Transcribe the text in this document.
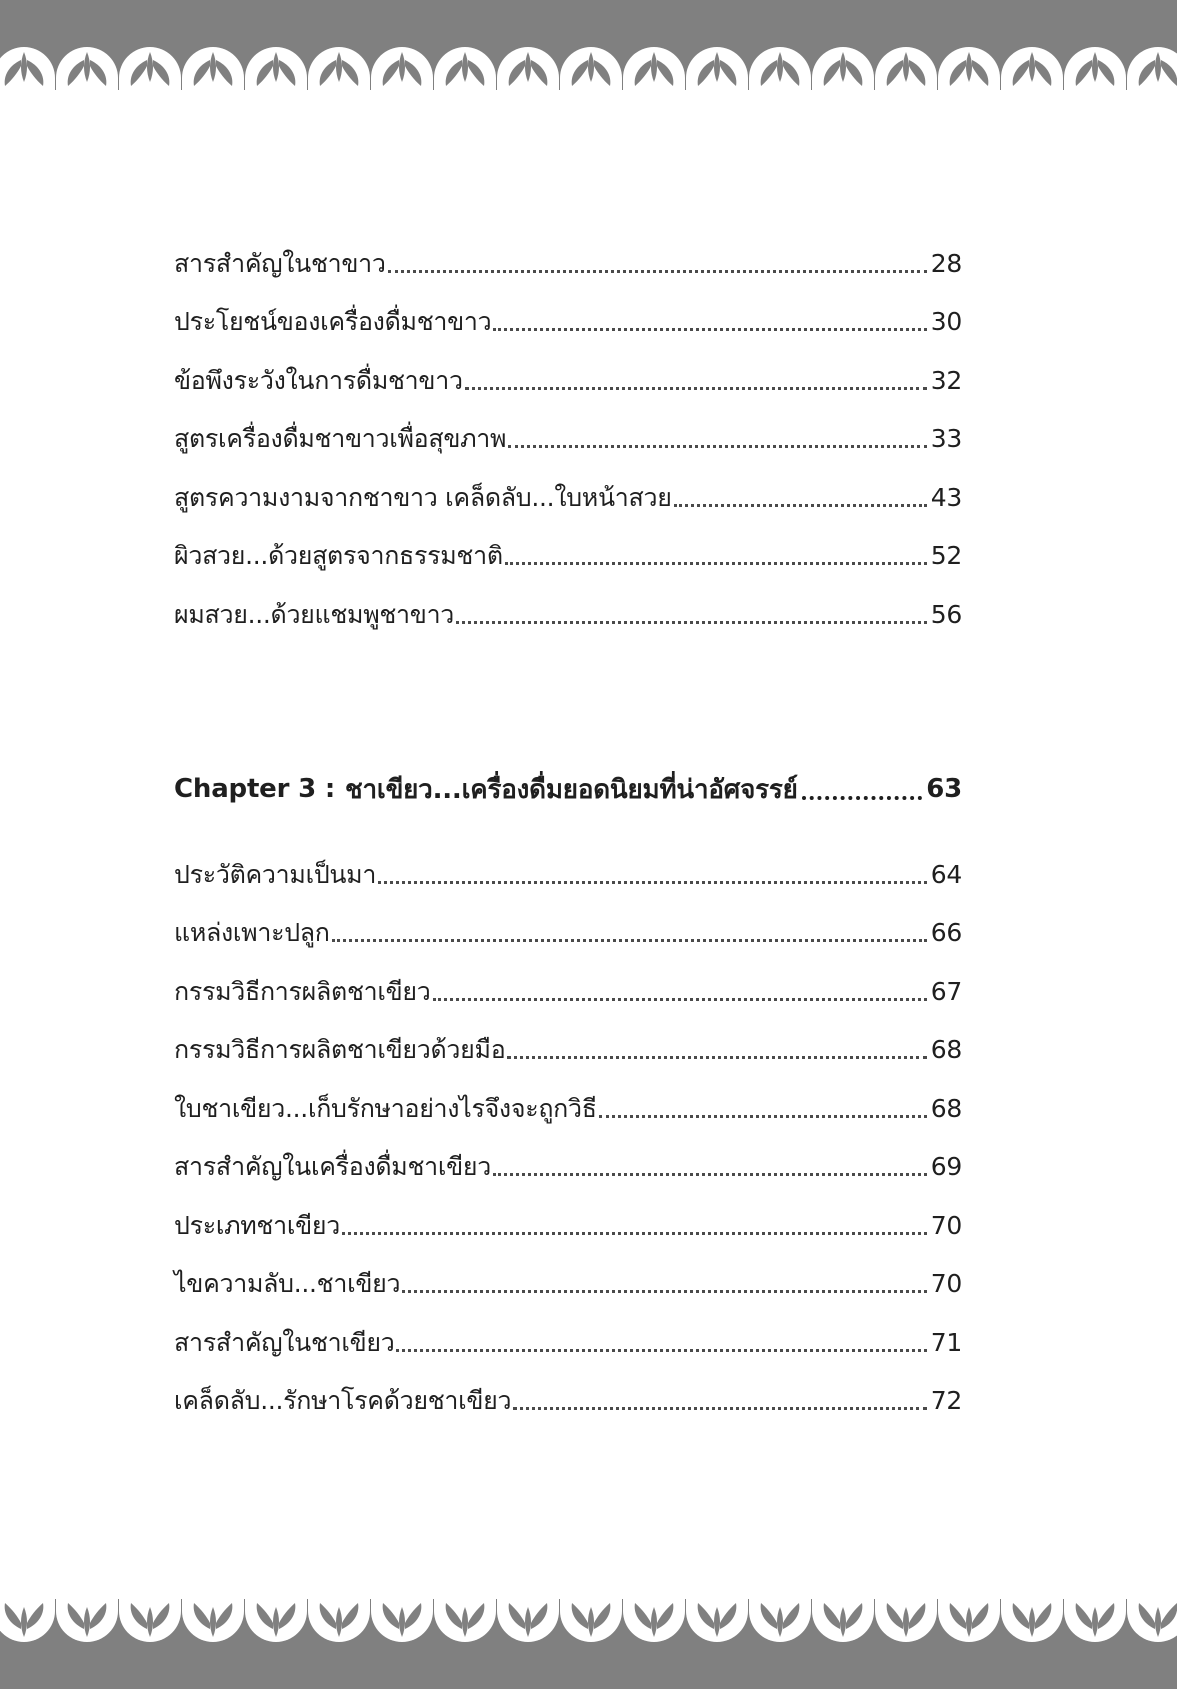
สารสำคัญในชาขาว	28
ประโยชน์ของเครื่องดื่มชาขาว	30
ข้อพึงระวังในการดื่มชาขาว	32
สูตรเครื่องดื่มชาขาวเพื่อสุขภาพ	33
สูตรความงามจากชาขาว เคล็ดลับ...ใบหน้าสวย	43
ผิวสวย...ด้วยสูตรจากธรรมชาติ	52
ผมสวย...ด้วยแชมพูชาขาว	56
Chapter 3 : ชาเขียว...เครื่องดื่มยอดนิยมที่น่าอัศจรรย์	63
ประวัติความเป็นมา	64
แหล่งเพาะปลูก	66
กรรมวิธีการผลิตชาเขียว	67
กรรมวิธีการผลิตชาเขียวด้วยมือ	68
ใบชาเขียว...เก็บรักษาอย่างไรจึงจะถูกวิธี	68
สารสำคัญในเครื่องดื่มชาเขียว	69
ประเภทชาเขียว	70
ไขความลับ...ชาเขียว	70
สารสำคัญในชาเขียว	71
เคล็ดลับ...รักษาโรคด้วยชาเขียว	72
